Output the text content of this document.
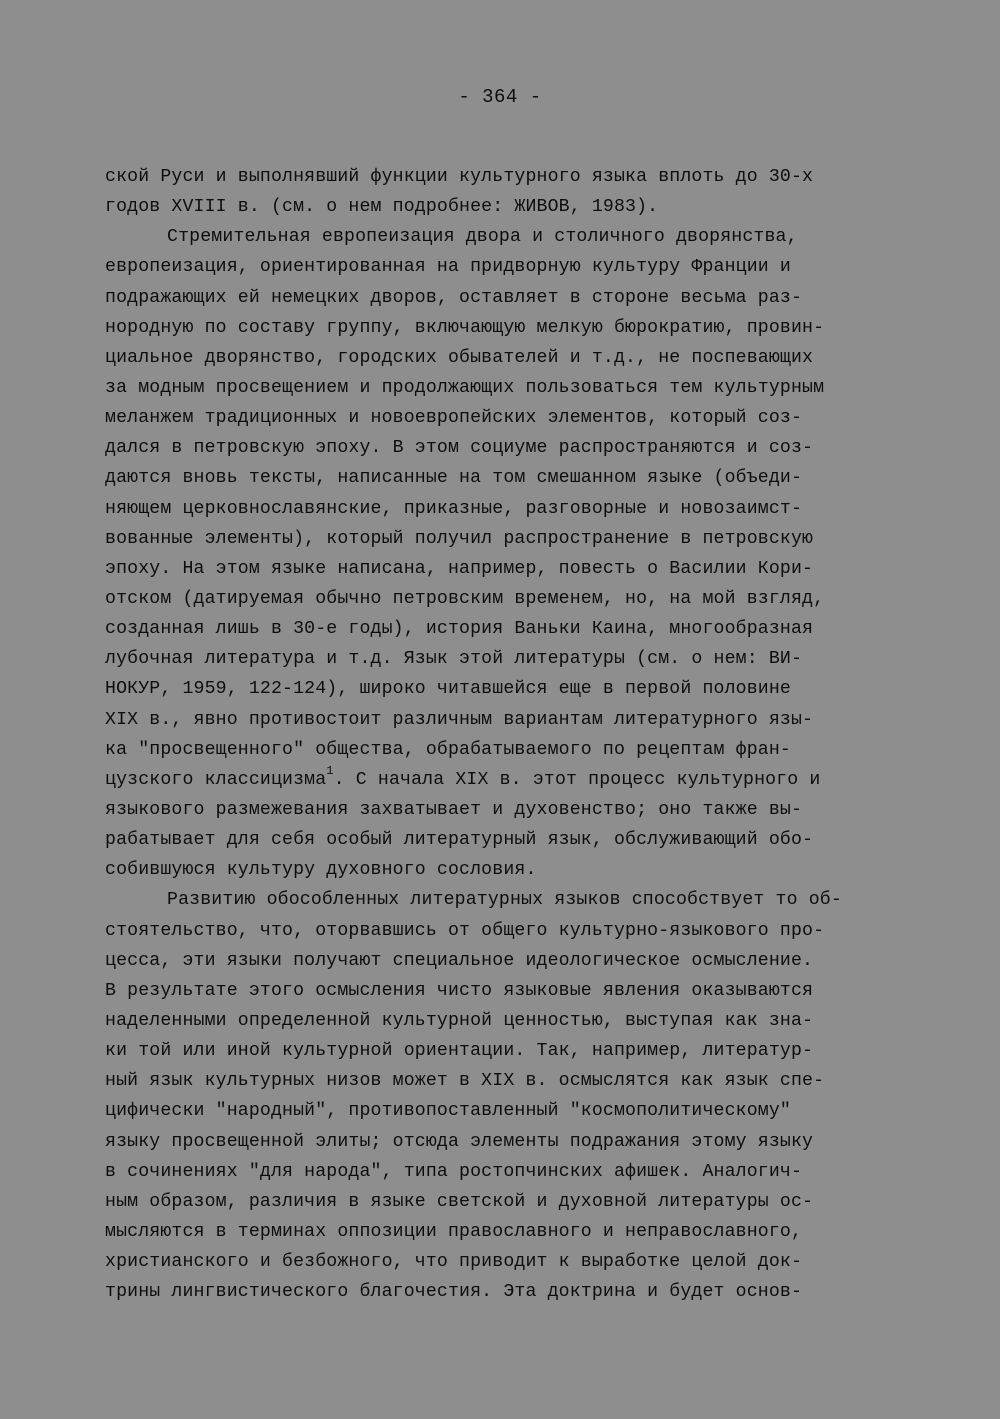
- 364 -
ской Руси и выполнявший функции культурного языка вплоть до 30-х
годов XVIII в. (см. о нем подробнее: ЖИВОВ, 1983).
Стремительная европеизация двора и столичного дворянства,
европеизация, ориентированная на придворную культуру Франции и
подражающих ей немецких дворов, оставляет в стороне весьма раз-
нородную по составу группу, включающую мелкую бюрократию, провин-
циальное дворянство, городских обывателей и т.д., не поспевающих
за модным просвещением и продолжающих пользоваться тем культурным
меланжем традиционных и новоевропейских элементов, который соз-
дался в петровскую эпоху. В этом социуме распространяются и соз-
даются вновь тексты, написанные на том смешанном языке (объеди-
няющем церковнославянские, приказные, разговорные и новозаимст-
вованные элементы), который получил распространение в петровскую
эпоху. На этом языке написана, например, повесть о Василии Кори-
отском (датируемая обычно петровским временем, но, на мой взгляд,
созданная лишь в 30-е годы), история Ваньки Каина, многообразная
лубочная литература и т.д. Язык этой литературы (см. о нем: ВИ-
НОКУР, 1959, 122-124), широко читавшейся еще в первой половине
XIX в., явно противостоит различным вариантам литературного язы-
ка "просвещенного" общества, обрабатываемого по рецептам фран-
цузского классицизма$^1$. С начала XIX в. этот процесс культурного и
языкового размежевания захватывает и духовенство; оно также вы-
рабатывает для себя особый литературный язык, обслуживающий обо-
собившуюся культуру духовного сословия.
Развитию обособленных литературных языков способствует то об-
стоятельство, что, оторвавшись от общего культурно-языкового про-
цесса, эти языки получают специальное идеологическое осмысление.
В результате этого осмысления чисто языковые явления оказываются
наделенными определенной культурной ценностью, выступая как зна-
ки той или иной культурной ориентации. Так, например, литератур-
ный язык культурных низов может в XIX в. осмыслятся как язык спе-
цифически "народный", противопоставленный "космополитическому"
языку просвещенной элиты; отсюда элементы подражания этому языку
в сочинениях "для народа", типа ростопчинских афишек. Аналогич-
ным образом, различия в языке светской и духовной литературы ос-
мысляются в терминах оппозиции православного и неправославного,
христианского и безбожного, что приводит к выработке целой док-
трины лингвистического благочестия. Эта доктрина и будет основ-
